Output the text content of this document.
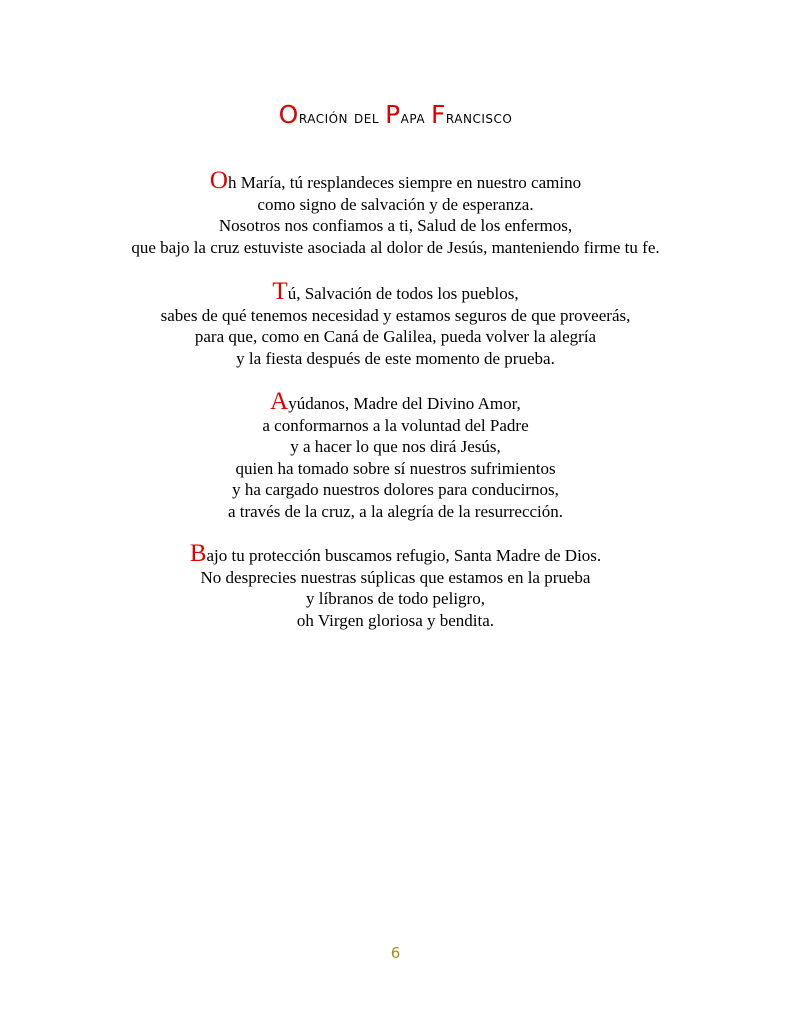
Oración del Papa Francisco
Oh María, tú resplandeces siempre en nuestro camino
como signo de salvación y de esperanza.
Nosotros nos confiamos a ti, Salud de los enfermos,
que bajo la cruz estuviste asociada al dolor de Jesús, manteniendo firme tu fe.
Tú, Salvación de todos los pueblos,
sabes de qué tenemos necesidad y estamos seguros de que proveerás,
para que, como en Caná de Galilea, pueda volver la alegría
y la fiesta después de este momento de prueba.
Ayúdanos, Madre del Divino Amor,
a conformarnos a la voluntad del Padre
y a hacer lo que nos dirá Jesús,
quien ha tomado sobre sí nuestros sufrimientos
y ha cargado nuestros dolores para conducirnos,
a través de la cruz, a la alegría de la resurrección.
Bajo tu protección buscamos refugio, Santa Madre de Dios.
No desprecies nuestras súplicas que estamos en la prueba
y líbranos de todo peligro,
oh Virgen gloriosa y bendita.
6
